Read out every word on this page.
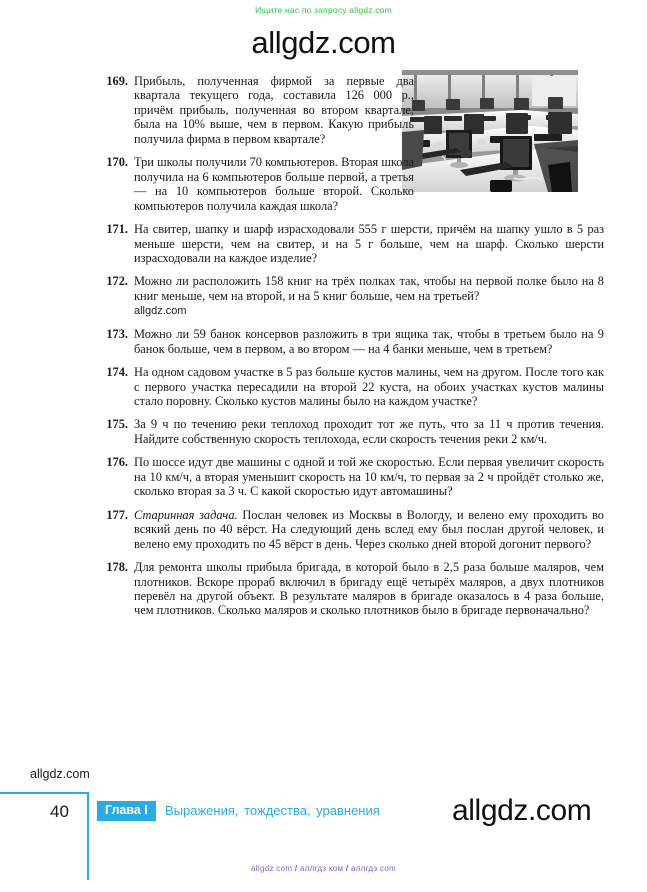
Ищите нас по запросу allgdz.com
allgdz.com
169. Прибыль, полученная фирмой за первые два квартала текущего года, составила 126 000 р., причём прибыль, полученная во втором квартале, была на 10% выше, чем в первом. Какую прибыль получила фирма в первом квартале?
170. Три школы получили 70 компьютеров. Вторая школа получила на 6 компьютеров больше первой, а третья — на 10 компьютеров больше второй. Сколько компьютеров получила каждая школа?
171. На свитер, шапку и шарф израсходовали 555 г шерсти, причём на шапку ушло в 5 раз меньше шерсти, чем на свитер, и на 5 г больше, чем на шарф. Сколько шерсти израсходовали на каждое изделие?
172. Можно ли расположить 158 книг на трёх полках так, чтобы на первой полке было на 8 книг меньше, чем на второй, и на 5 книг больше, чем на третьей?
allgdz.com
173. Можно ли 59 банок консервов разложить в три ящика так, чтобы в третьем было на 9 банок больше, чем в первом, а во втором — на 4 банки меньше, чем в третьем?
174. На одном садовом участке в 5 раз больше кустов малины, чем на другом. После того как с первого участка пересадили на второй 22 куста, на обоих участках кустов малины стало поровну. Сколько кустов малины было на каждом участке?
175. За 9 ч по течению реки теплоход проходит тот же путь, что за 11 ч против течения. Найдите собственную скорость теплохода, если скорость течения реки 2 км/ч.
176. По шоссе идут две машины с одной и той же скоростью. Если первая увеличит скорость на 10 км/ч, а вторая уменьшит скорость на 10 км/ч, то первая за 2 ч пройдёт столько же, сколько вторая за 3 ч. С какой скоростью идут автомашины?
177. Старинная задача. Послан человек из Москвы в Вологду, и велено ему проходить во всякий день по 40 вёрст. На следующий день вслед ему был послан другой человек, и велено ему проходить по 45 вёрст в день. Через сколько дней второй догонит первого?
178. Для ремонта школы прибыла бригада, в которой было в 2,5 раза больше маляров, чем плотников. Вскоре прораб включил в бригаду ещё четырёх маляров, а двух плотников перевёл на другой объект. В результате маляров в бригаде оказалось в 4 раза больше, чем плотников. Сколько маляров и сколько плотников было в бригаде первоначально?
allgdz.com
40	Глава I	Выражения, тождества, уравнения allgdz.com
allgdz com / аллгдз ком / аллгдз com
